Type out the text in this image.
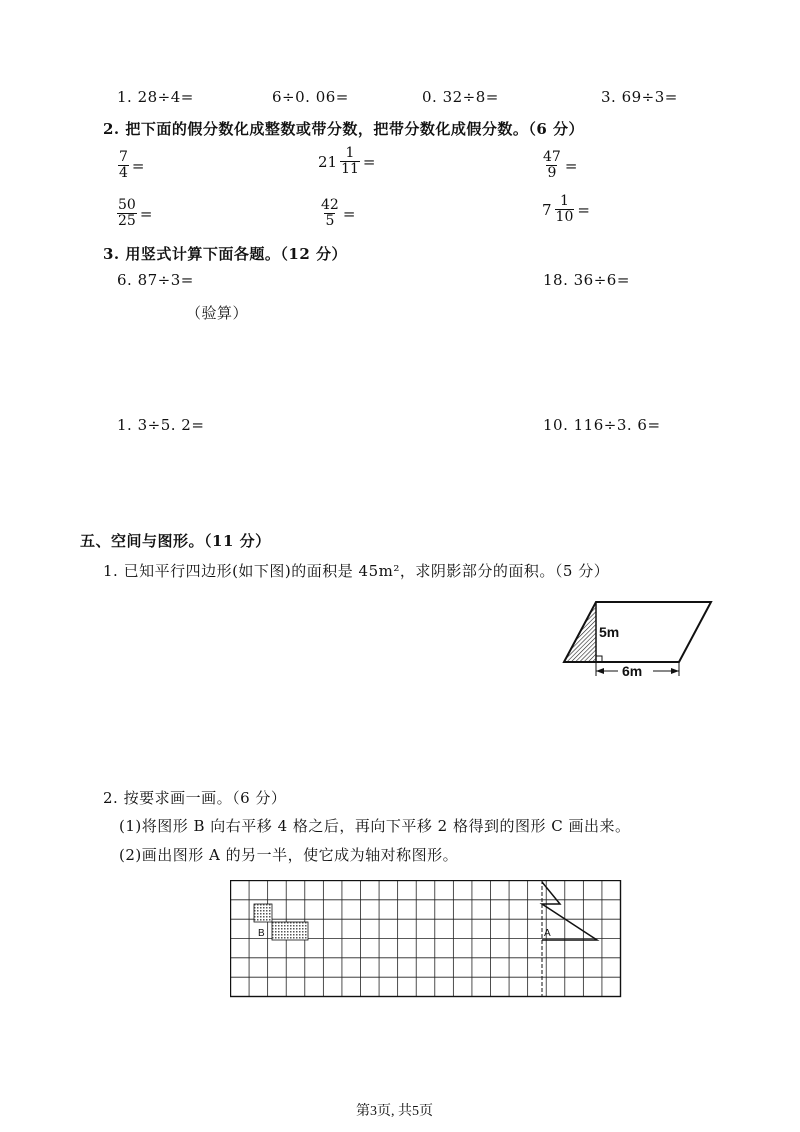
1. 28÷4=	6÷0. 06=	0. 32÷8=	3. 69÷3=
2. 把下面的假分数化成整数或带分数，把带分数化成假分数。（6 分）
$\frac{7}{4}$ =	$21 \frac{1}{11}$ =	$\frac{47}{9}$ =
$\frac{50}{25}$ =	$\frac{42}{5}$ =	$7 \frac{1}{10}$ =
3. 用竖式计算下面各题。（12 分）
6. 87÷3=	18. 36÷6=
（验算）
1. 3÷5. 2=	10. 116÷3. 6=
五、空间与图形。（11 分）
1. 已知平行四边形(如下图)的面积是 45m²，求阴影部分的面积。（5 分）
5m
6m
2. 按要求画一画。（6 分）
(1)将图形 B 向右平移 4 格之后，再向下平移 2 格得到的图形 C 画出来。
(2)画出图形 A 的另一半，使它成为轴对称图形。
B	A
第3页, 共5页
